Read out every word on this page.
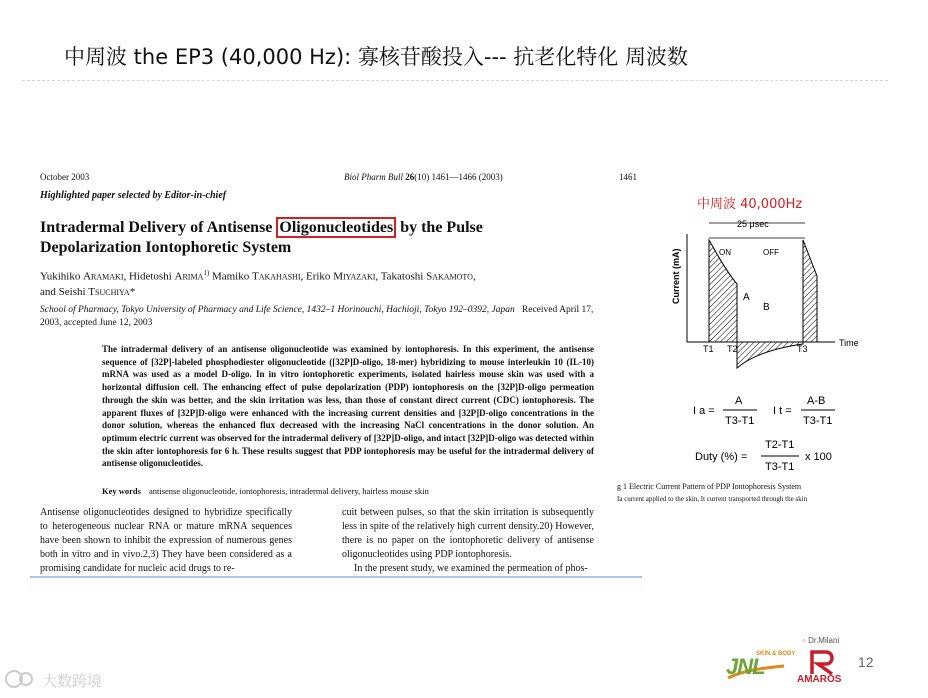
中周波 the EP3 (40,000 Hz): 寡核苷酸投入--- 抗老化特化 周波数
October 2003	Biol Pharm Bull 26(10) 1461—1466 (2003)	1461
Highlighted paper selected by Editor-in-chief
Intradermal Delivery of Antisense Oligonucleotides by the Pulse Depolarization Iontophoretic System
Yukihiko Aramaki, Hidetoshi Arima$^{1)}$ Mamiko Takahashi, Eriko Miyazaki, Takatoshi Sakamoto,
and Seishi Tsuchiya*
School of Pharmacy, Tokyo University of Pharmacy and Life Science, 1432–1 Horinouchi, Hachioji, Tokyo 192–0392, Japan Received April 17, 2003, accepted June 12, 2003
The intradermal delivery of an antisense oligonucleotide was examined by iontophoresis. In this experiment, the antisense sequence of [32P]-labeled phosphodiester oligonucleotide ([32P]D-oligo, 18-mer) hybridizing to mouse interleukin 10 (IL-10) mRNA was used as a model D-oligo. In in vitro iontophoretic experiments, isolated hairless mouse skin was used with a horizontal diffusion cell. The enhancing effect of pulse depolarization (PDP) iontophoresis on the [32P]D-oligo permeation through the skin was better, and the skin irritation was less, than those of constant direct current (CDC) iontophoresis. The apparent fluxes of [32P]D-oligo were enhanced with the increasing current densities and [32P]D-oligo concentrations in the donor solution, whereas the enhanced flux decreased with the increasing NaCl concentrations in the donor solution. An optimum electric current was observed for the intradermal delivery of [32P]D-oligo, and intact [32P]D-oligo was detected within the skin after iontophoresis for 6 h. These results suggest that PDP iontophoresis may be useful for the intradermal delivery of antisense oligonucleotides.
Key words antisense oligonucleotide, iontophoresis, intradermal delivery, hairless mouse skin
Antisense oligonucleotides designed to hybridize specifically to heterogeneous nuclear RNA or mature mRNA sequences have been shown to inhibit the expression of numerous genes both in vitro and in vivo.2,3) They have been considered as a promising candidate for nucleic acid drugs to re-
cuit between pulses, so that the skin irritation is subsequently less in spite of the relatively high current density.20) However, there is no paper on the iontophoretic delivery of antisense oligonucleotides using PDP iontophoresis.
In the present study, we examined the permeation of phos-
中周波 40,000Hz
25 μsec
ON	OFF
Current (mA)
Time
A
B
T1 T2	T3
I a =
A
T3-T1
I t =
A-B
T3-T1
Duty (%) =
T2-T1
T3-T1
x 100
g 1 Electric Current Pattern of PDP Iontophoresis System
Ia current applied to the skin, It current transported through the skin
◦ Dr.Milani
JNL
SKIN & BODY
AMAROS
12
大数跨境
